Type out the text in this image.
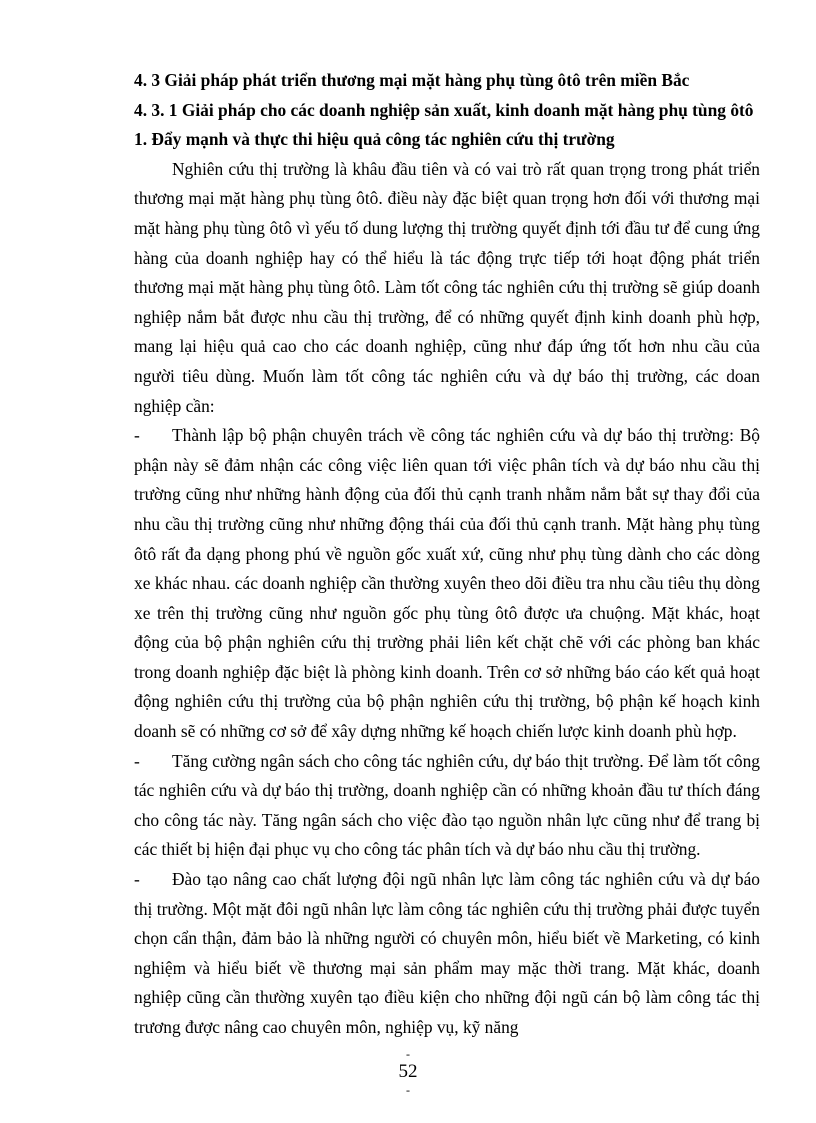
4. 3 Giải pháp phát triển thương mại mặt hàng phụ tùng ôtô trên miền Bắc

4. 3. 1 Giải pháp cho các doanh nghiệp sản xuất, kinh doanh mặt hàng phụ tùng ôtô

1. Đẩy mạnh và thực thi hiệu quả công tác nghiên cứu thị trường

Nghiên cứu thị trường là khâu đầu tiên và có vai trò rất quan trọng trong phát triển thương mại mặt hàng phụ tùng ôtô. điều này đặc biệt quan trọng hơn đối với thương mại mặt hàng phụ tùng ôtô vì yếu tố dung lượng thị trường quyết định tới đầu tư để cung ứng hàng của doanh nghiệp hay có thể hiểu là tác động trực tiếp tới hoạt động phát triển thương mại mặt hàng phụ tùng ôtô. Làm tốt công tác nghiên cứu thị trường sẽ giúp doanh nghiệp nắm bắt được nhu cầu thị trường, để có những quyết định kinh doanh phù hợp, mang lại hiệu quả cao cho các doanh nghiệp, cũng như đáp ứng tốt hơn nhu cầu của người tiêu dùng. Muốn làm tốt công tác nghiên cứu và dự báo thị trường, các doan nghiệp cần:

- Thành lập bộ phận chuyên trách về công tác nghiên cứu và dự báo thị trường: Bộ phận này sẽ đảm nhận các công việc liên quan tới việc phân tích và dự báo nhu cầu thị trường cũng như những hành động của đối thủ cạnh tranh nhằm nắm bắt sự thay đổi của nhu cầu thị trường cũng như những động thái của đối thủ cạnh tranh. Mặt hàng phụ tùng ôtô rất đa dạng phong phú về nguồn gốc xuất xứ, cũng như phụ tùng dành cho các dòng xe khác nhau. các doanh nghiệp cần thường xuyên theo dõi điều tra nhu cầu tiêu thụ dòng xe trên thị trường cũng như nguồn gốc phụ tùng ôtô được ưa chuộng. Mặt khác, hoạt động của bộ phận nghiên cứu thị trường phải liên kết chặt chẽ với các phòng ban khác trong doanh nghiệp đặc biệt là phòng kinh doanh. Trên cơ sở những báo cáo kết quả hoạt động nghiên cứu thị trường của bộ phận nghiên cứu thị trường, bộ phận kế hoạch kinh doanh sẽ có những cơ sở để xây dựng những kế hoạch chiến lược kinh doanh phù hợp.

- Tăng cường ngân sách cho công tác nghiên cứu, dự báo thịt trường. Để làm tốt công tác nghiên cứu và dự báo thị trường, doanh nghiệp cần có những khoản đầu tư thích đáng cho công tác này. Tăng ngân sách cho việc đào tạo nguồn nhân lực cũng như để trang bị các thiết bị hiện đại phục vụ cho công tác phân tích và dự báo nhu cầu thị trường.

- Đào tạo nâng cao chất lượng đội ngũ nhân lực làm công tác nghiên cứu và dự báo thị trường. Một mặt đôi ngũ nhân lực làm công tác nghiên cứu thị trường phải được tuyển chọn cẩn thận, đảm bảo là những người có chuyên môn, hiểu biết về Marketing, có kinh nghiệm và hiểu biết về thương mại sản phẩm may mặc thời trang. Mặt khác, doanh nghiệp cũng cần thường xuyên tạo điều kiện cho những đội ngũ cán bộ làm công tác thị trương được nâng cao chuyên môn, nghiệp vụ, kỹ năng

-
52
-
